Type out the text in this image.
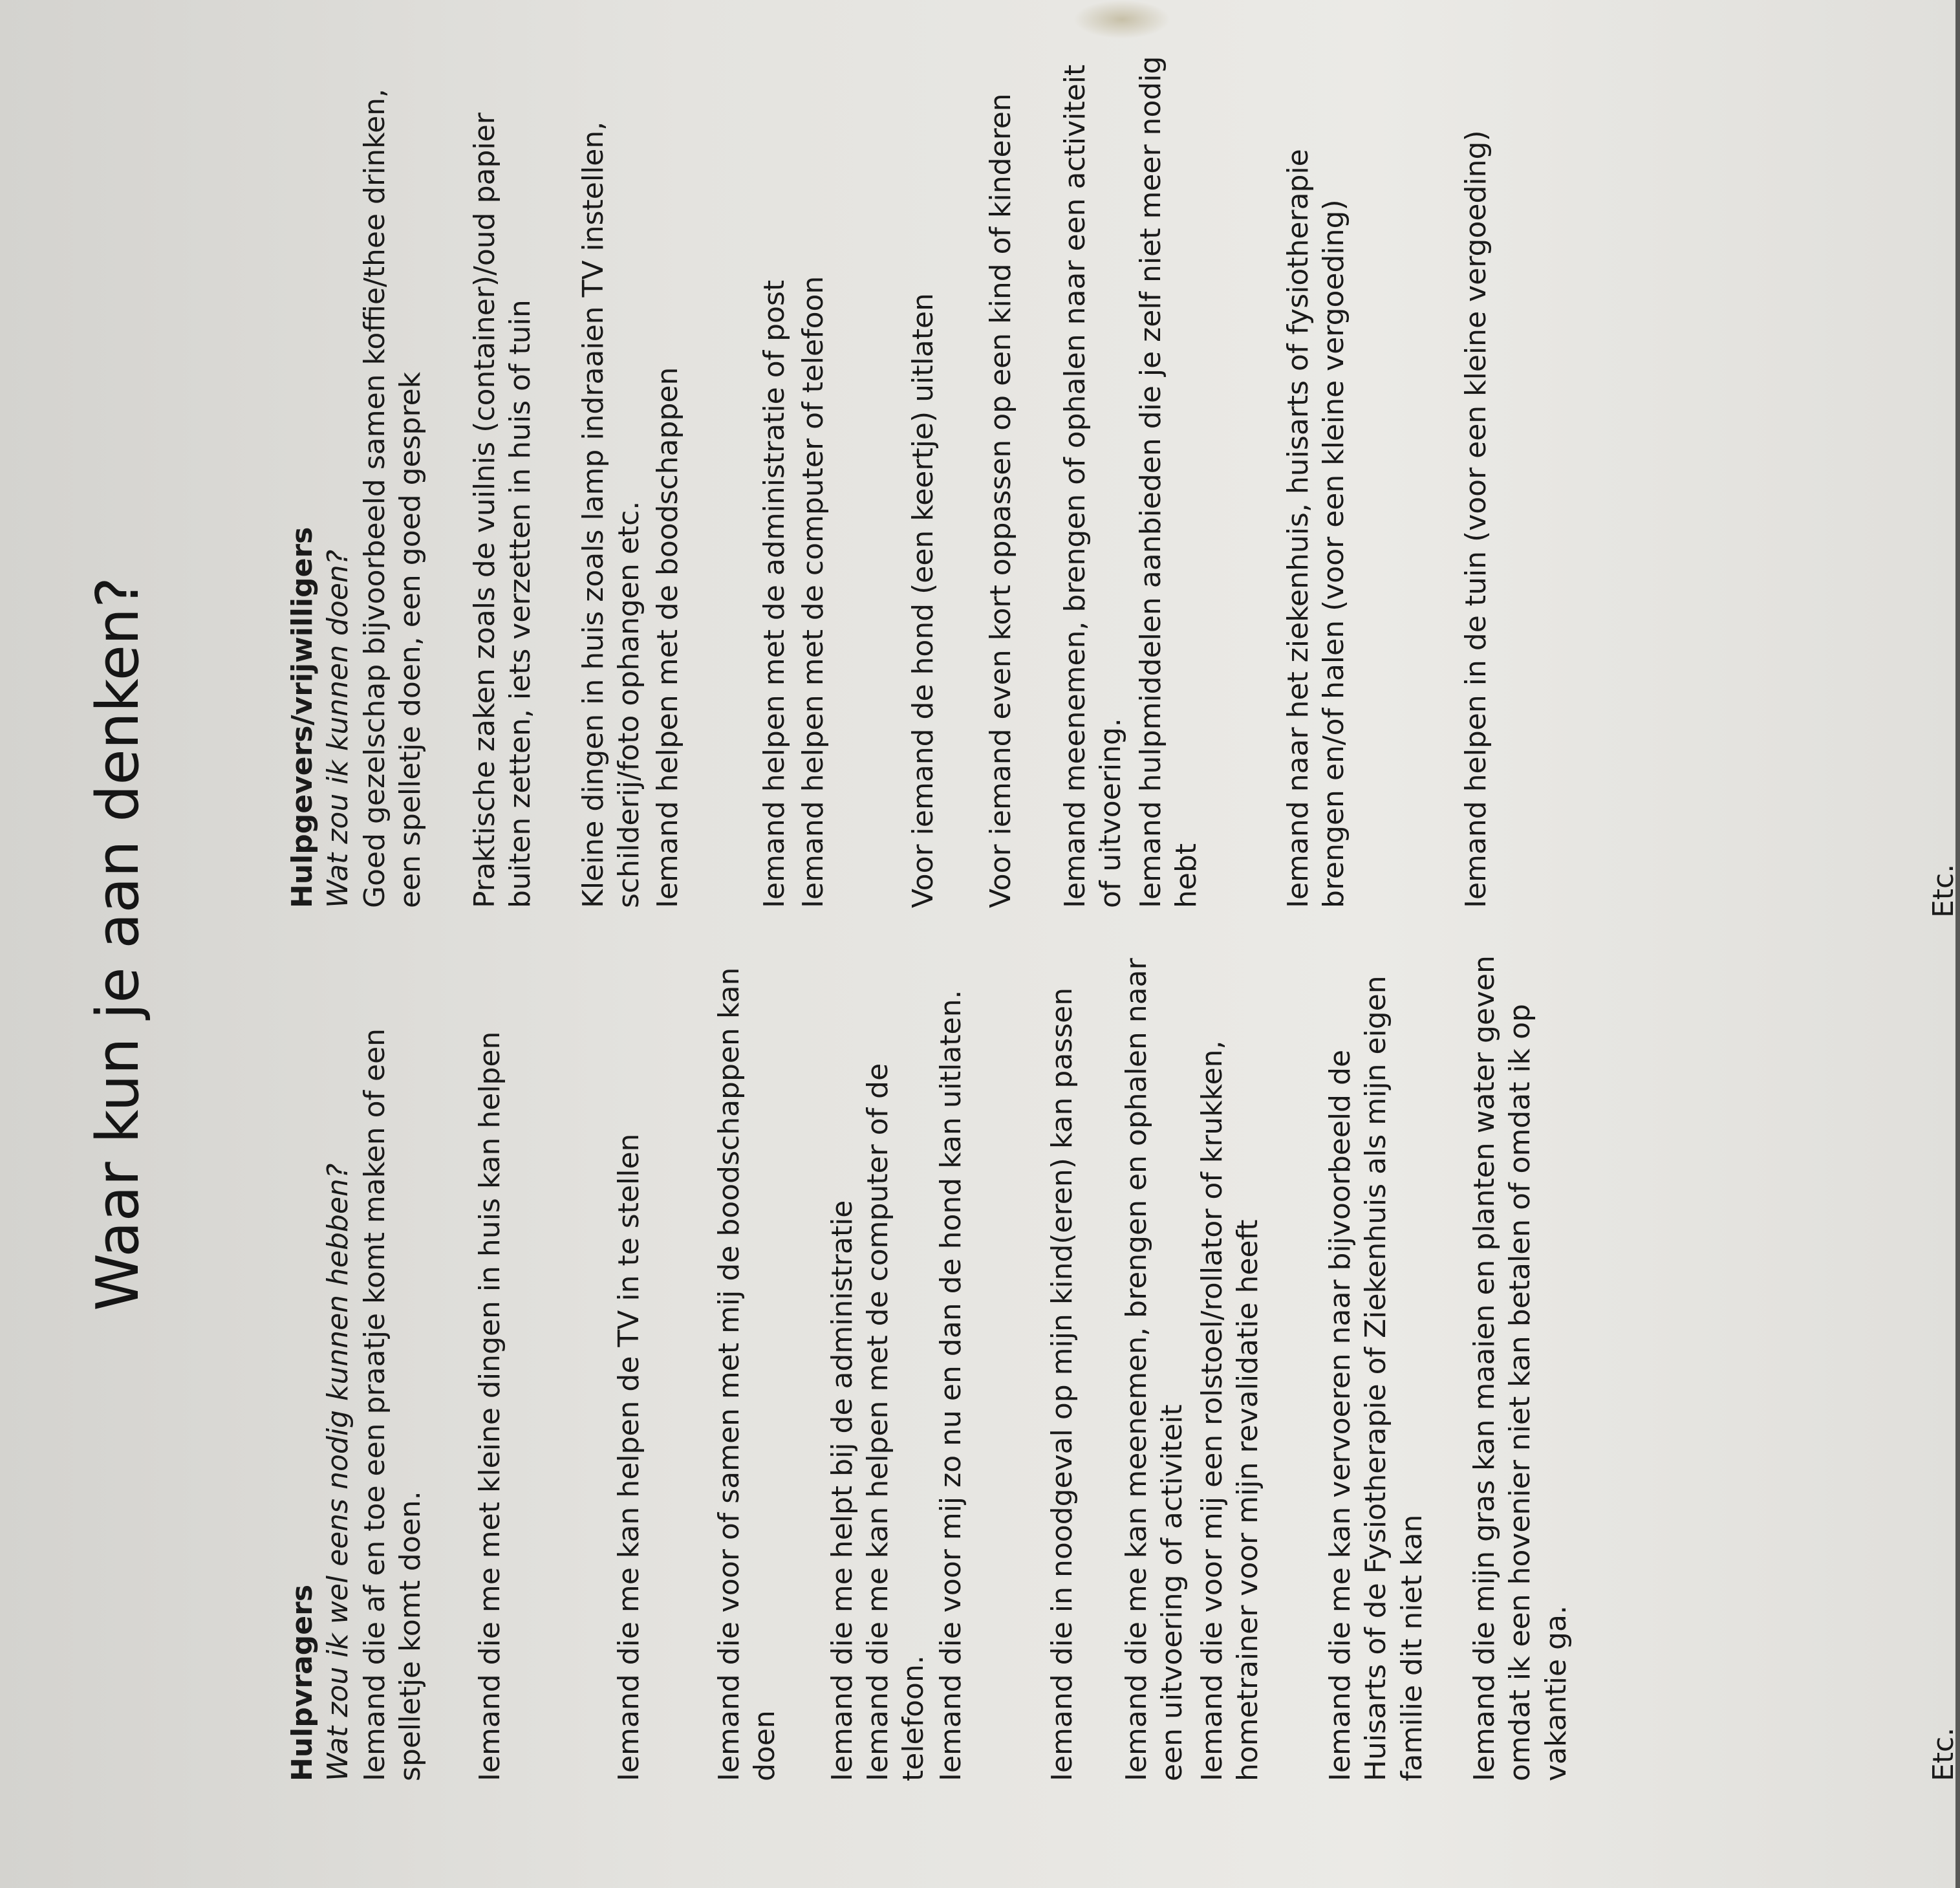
Waar kun je aan denken?

Hulpvragers Wat zou ik wel eens nodig kunnen hebben? Iemand die af en toe een praatje komt maken of een spelletje komt doen. Iemand die me met kleine dingen in huis kan helpen	Iemand die me kan helpen de TV in te stellen Iemand die voor of samen met mij de boodschappen kan doen Iemand die me helpt bij de administratie Iemand die me kan helpen met de computer of de telefoon. Iemand die voor mij zo nu en dan de hond kan uitlaten.	Iemand die in noodgeval op mijn kind(eren) kan passen Iemand die me kan meenemen, brengen en ophalen naar een uitvoering of activiteit Iemand die voor mij een rolstoel/rollator of krukken, hometrainer voor mijn revalidatie heeft Iemand die me kan vervoeren naar bijvoorbeeld de Huisarts of de Fysiotherapie of Ziekenhuis als mijn eigen familie dit niet kan Iemand die mijn gras kan maaien en planten water geven omdat ik een hovenier niet kan betalen of omdat ik op vakantie ga.

Hulpgevers/vrijwilligers Wat zou ik kunnen doen? Goed gezelschap bijvoorbeeld samen koffie/thee drinken, een spelletje doen, een goed gesprek Praktische zaken zoals de vuilnis (container)/oud papier buiten zetten, iets verzetten in huis of tuin Kleine dingen in huis zoals lamp indraaien TV instellen, schilderij/foto ophangen etc. Iemand helpen met de boodschappen	Iemand helpen met de administratie of post Iemand helpen met de computer of telefoon	Voor iemand de hond (een keertje) uitlaten Voor iemand even kort oppassen op een kind of kinderen Iemand meenemen, brengen of ophalen naar een activiteit of uitvoering. Iemand hulpmiddelen aanbieden die je zelf niet meer nodig hebt	Iemand naar het ziekenhuis, huisarts of fysiotherapie brengen en/of halen (voor een kleine vergoeding)	Iemand helpen in de tuin (voor een kleine vergoeding)

Etc.
Etc.
